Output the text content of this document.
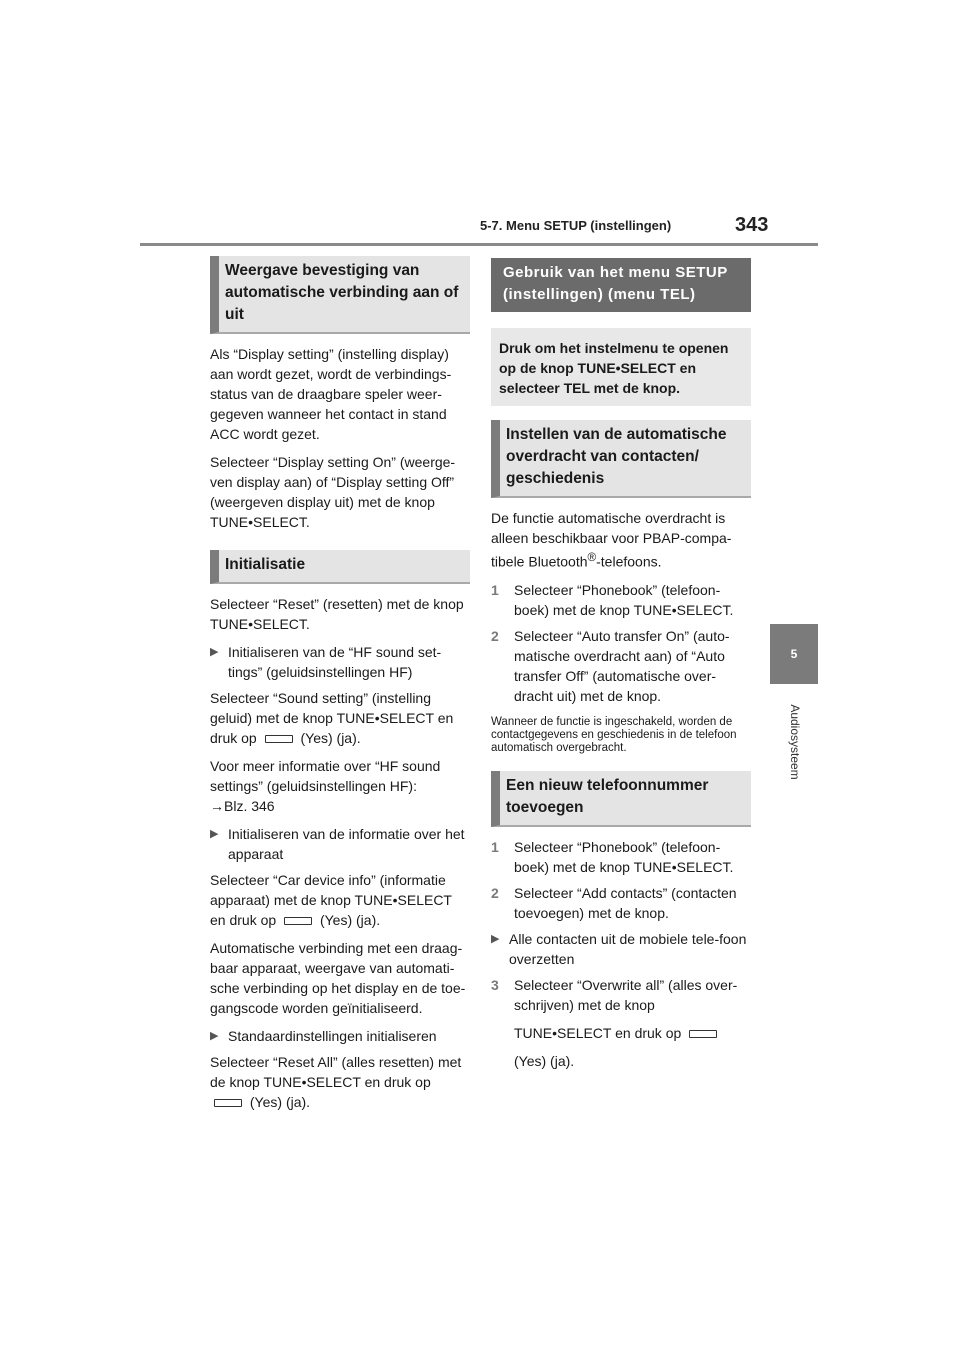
5-7. Menu SETUP (instellingen)	343
5
Audiosysteem
Weergave bevestiging van automatische verbinding aan of uit

Als “Display setting” (instelling display) aan wordt gezet, wordt de verbindings-status van de draagbare speler weer-gegeven wanneer het contact in stand ACC wordt gezet.

Selecteer “Display setting On” (weerge-ven display aan) of “Display setting Off” (weergeven display uit) met de knop TUNE•SELECT.

Initialisatie

Selecteer “Reset” (resetten) met de knop TUNE•SELECT.

▶ Initialiseren van de “HF sound set-tings” (geluidsinstellingen HF)

Selecteer “Sound setting” (instelling geluid) met de knop TUNE•SELECT en druk op	(Yes) (ja).

Voor meer informatie over “HF sound settings” (geluidsinstellingen HF):
→Blz. 346

▶ Initialiseren van de informatie over het apparaat

Selecteer “Car device info” (informatie apparaat) met de knop TUNE•SELECT en druk op	(Yes) (ja).

Automatische verbinding met een draag-baar apparaat, weergave van automati-sche verbinding op het display en de toe-gangscode worden geïnitialiseerd.

▶ Standaardinstellingen initialiseren

Selecteer “Reset All” (alles resetten) met de knop TUNE•SELECT en druk op  (Yes) (ja).

Gebruik van het menu SETUP (instellingen) (menu TEL)
Druk om het instelmenu te openen op de knop TUNE•SELECT en selecteer TEL met de knop.
Instellen van de automatische overdracht van contacten/ geschiedenis

De functie automatische overdracht is alleen beschikbaar voor PBAP-compa-tibele Bluetooth®-telefoons.

1 Selecteer “Phonebook” (telefoon-boek) met de knop TUNE•SELECT.
2 Selecteer “Auto transfer On” (auto-matische overdracht aan) of “Auto transfer Off” (automatische over-dracht uit) met de knop.
Wanneer de functie is ingeschakeld, worden de contactgegevens en geschiedenis in de telefoon automatisch overgebracht.
Een nieuw telefoonnummer toevoegen
1 Selecteer “Phonebook” (telefoon-boek) met de knop TUNE•SELECT.
2 Selecteer “Add contacts” (contacten toevoegen) met de knop.
▶ Alle contacten uit de mobiele tele-foon overzetten
3 Selecteer “Overwrite all” (alles over-schrijven) met de knop
TUNE•SELECT en druk op
(Yes) (ja).
